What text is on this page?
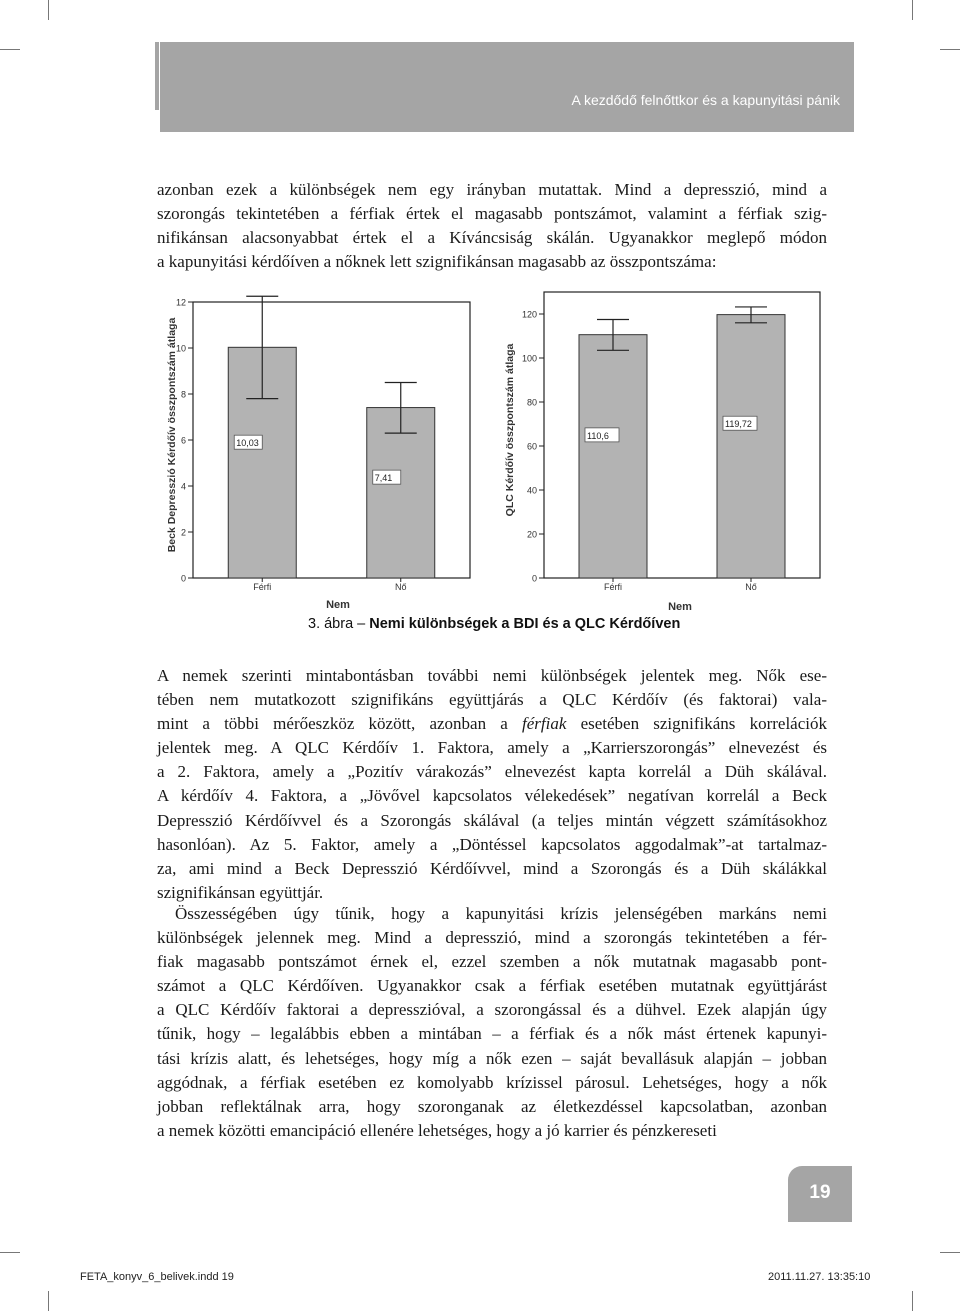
A kezdődő felnőttkor és a kapunyitási pánik
azonban ezek a különbségek nem egy irányban mutattak. Mind a depresszió, mind a
szorongás tekintetében a férfiak értek el magasabb pontszámot, valamint a férfiak szig-
nifikánsan alacsonyabbat értek el a Kíváncsiság skálán. Ugyanakkor meglepő módon
a kapunyitási kérdőíven a nőknek lett szignifikánsan magasabb az összpontszáma:
0
2
4
6
8
10
12
10,03
Férfi
7,41
Nő
Nem
Beck Depresszió Kérdőív összpontszám átlaga
0
20
40
60
80
100
120
110,6
Férfi
119,72
Nő
Nem
QLC Kérdőív összpontszám átlaga
3. ábra – Nemi különbségek a BDI és a QLC Kérdőíven
A nemek szerinti mintabontásban további nemi különbségek jelentek meg. Nők ese-
tében nem mutatkozott szignifikáns együttjárás a QLC Kérdőív (és faktorai) vala-
mint a többi mérőeszköz között, azonban a férfiak esetében szignifikáns korrelációk
jelentek meg. A QLC Kérdőív 1. Faktora, amely a „Karrierszorongás” elnevezést és
a 2. Faktora, amely a „Pozitív várakozás” elnevezést kapta korrelál a Düh skálával.
A kérdőív 4. Faktora, a „Jövővel kapcsolatos vélekedések” negatívan korrelál a Beck
Depresszió Kérdőívvel és a Szorongás skálával (a teljes mintán végzett számításokhoz
hasonlóan). Az 5. Faktor, amely a „Döntéssel kapcsolatos aggodalmak”-at tartalmaz-
za, ami mind a Beck Depresszió Kérdőívvel, mind a Szorongás és a Düh skálákkal
szignifikánsan együttjár.
Összességében úgy tűnik, hogy a kapunyitási krízis jelenségében markáns nemi
különbségek jelennek meg. Mind a depresszió, mind a szorongás tekintetében a fér-
fiak magasabb pontszámot érnek el, ezzel szemben a nők mutatnak magasabb pont-
számot a QLC Kérdőíven. Ugyanakkor csak a férfiak esetében mutatnak együttjárást
a QLC Kérdőív faktorai a depresszióval, a szorongással és a dühvel. Ezek alapján úgy
tűnik, hogy – legalábbis ebben a mintában – a férfiak és a nők mást értenek kapunyi-
tási krízis alatt, és lehetséges, hogy míg a nők ezen – saját bevallásuk alapján – jobban
aggódnak, a férfiak esetében ez komolyabb krízissel párosul. Lehetséges, hogy a nők
jobban reflektálnak arra, hogy szoronganak az életkezdéssel kapcsolatban, azonban
a nemek közötti emancipáció ellenére lehetséges, hogy a jó karrier és pénzkereseti
19
FETA_konyv_6_belivek.indd 19	2011.11.27. 13:35:10
